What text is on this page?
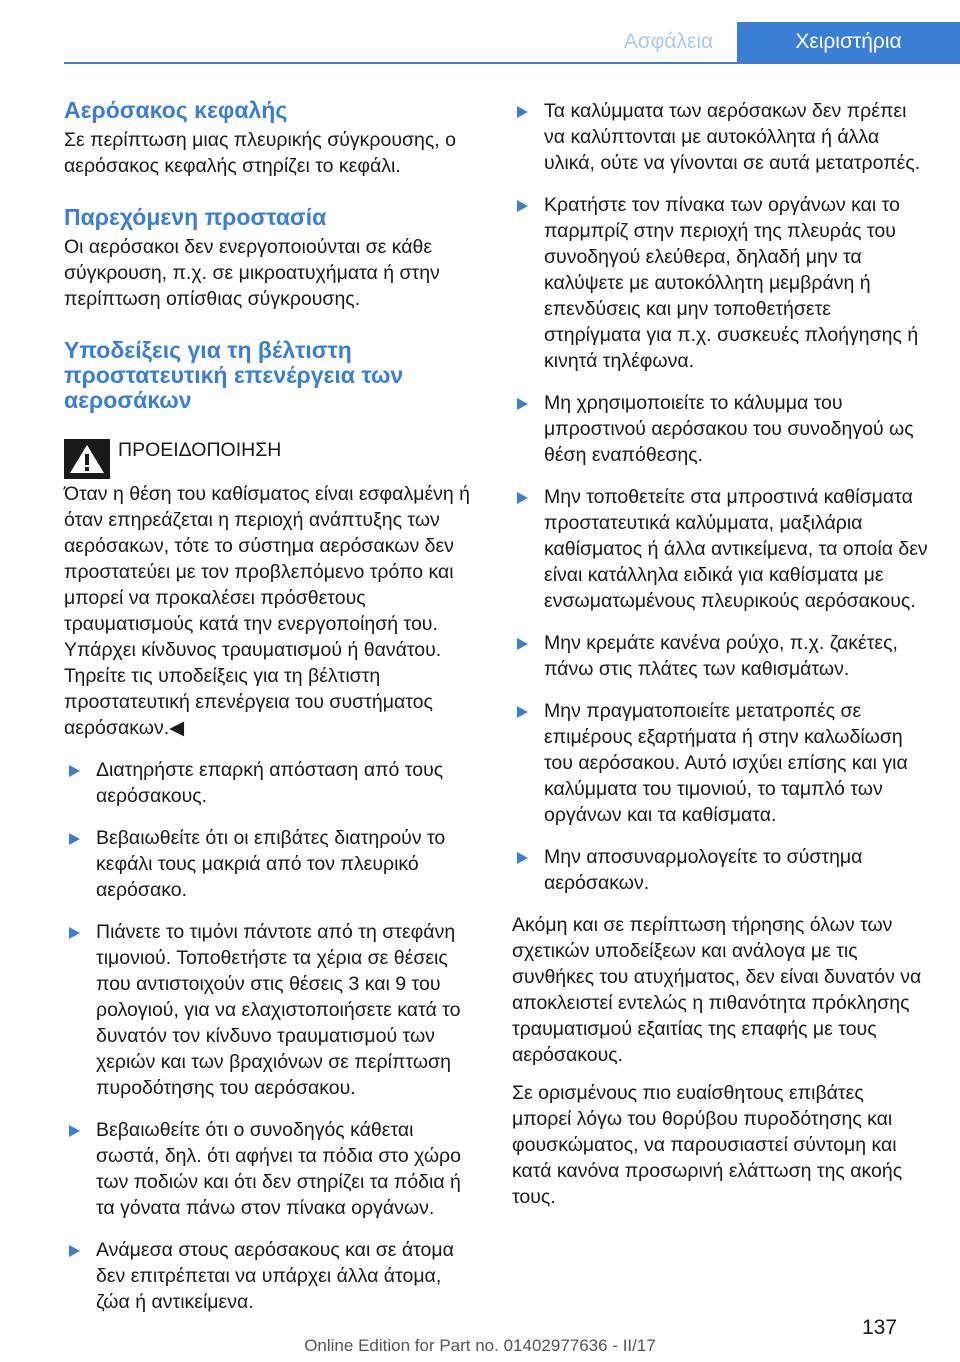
Ασφάλεια	Χειριστήρια
Αερόσακος κεφαλής

Σε περίπτωση μιας πλευρικής σύγκρουσης, ο αερόσακος κεφαλής στηρίζει το κεφάλι.

Παρεχόμενη προστασία

Οι αερόσακοι δεν ενεργοποιούνται σε κάθε σύγκρουση, π.χ. σε μικροατυχήματα ή στην περίπτωση οπίσθιας σύγκρουσης.

Υποδείξεις για τη βέλτιστη προστατευτική επενέργεια των αεροσάκων
ΠΡΟΕΙΔΟΠΟΙΗΣΗ

Όταν η θέση του καθίσματος είναι εσφαλμένη ή όταν επηρεάζεται η περιοχή ανάπτυξης των αερόσακων, τότε το σύστημα αερόσακων δεν προστατεύει με τον προβλεπόμενο τρόπο και μπορεί να προκαλέσει πρόσθετους τραυματισμούς κατά την ενεργοποίησή του. Υπάρχει κίνδυνος τραυματισμού ή θανάτου. Τηρείτε τις υποδείξεις για τη βέλτιστη προστατευτική επενέργεια του συστήματος αερόσακων.◀

Διατηρήστε επαρκή απόσταση από τους αερόσακους.
Βεβαιωθείτε ότι οι επιβάτες διατηρούν το κεφάλι τους μακριά από τον πλευρικό αερόσακο.
Πιάνετε το τιμόνι πάντοτε από τη στεφάνη τιμονιού. Τοποθετήστε τα χέρια σε θέσεις που αντιστοιχούν στις θέσεις 3 και 9 του ρολογιού, για να ελαχιστοποιήσετε κατά το δυνατόν τον κίνδυνο τραυματισμού των χεριών και των βραχιόνων σε περίπτωση πυροδότησης του αερόσακου.
Βεβαιωθείτε ότι ο συνοδηγός κάθεται σωστά, δηλ. ότι αφήνει τα πόδια στο χώρο των ποδιών και ότι δεν στηρίζει τα πόδια ή τα γόνατα πάνω στον πίνακα οργάνων.
Ανάμεσα στους αερόσακους και σε άτομα δεν επιτρέπεται να υπάρχει άλλα άτομα, ζώα ή αντικείμενα.
Τα καλύμματα των αερόσακων δεν πρέπει να καλύπτονται με αυτοκόλλητα ή άλλα υλικά, ούτε να γίνονται σε αυτά μετατροπές.
Κρατήστε τον πίνακα των οργάνων και το παρμπρίζ στην περιοχή της πλευράς του συνοδηγού ελεύθερα, δηλαδή μην τα καλύψετε με αυτοκόλλητη μεμβράνη ή επενδύσεις και μην τοποθετήσετε στηρίγματα για π.χ. συσκευές πλοήγησης ή κινητά τηλέφωνα.
Μη χρησιμοποιείτε το κάλυμμα του μπροστινού αερόσακου του συνοδηγού ως θέση εναπόθεσης.
Μην τοποθετείτε στα μπροστινά καθίσματα προστατευτικά καλύμματα, μαξιλάρια καθίσματος ή άλλα αντικείμενα, τα οποία δεν είναι κατάλληλα ειδικά για καθίσματα με ενσωματωμένους πλευρικούς αερόσακους.
Μην κρεμάτε κανένα ρούχο, π.χ. ζακέτες, πάνω στις πλάτες των καθισμάτων.
Μην πραγματοποιείτε μετατροπές σε επιμέρους εξαρτήματα ή στην καλωδίωση του αερόσακου. Αυτό ισχύει επίσης και για καλύμματα του τιμονιού, το ταμπλό των οργάνων και τα καθίσματα.
Μην αποσυναρμολογείτε το σύστημα αερόσακων.

Ακόμη και σε περίπτωση τήρησης όλων των σχετικών υποδείξεων και ανάλογα με τις συνθήκες του ατυχήματος, δεν είναι δυνατόν να αποκλειστεί εντελώς η πιθανότητα πρόκλησης τραυματισμού εξαιτίας της επαφής με τους αερόσακους.

Σε ορισμένους πιο ευαίσθητους επιβάτες μπορεί λόγω του θορύβου πυροδότησης και φουσκώματος, να παρουσιαστεί σύντομη και κατά κανόνα προσωρινή ελάττωση της ακοής τους.

137
Online Edition for Part no. 01402977636 - II/17
